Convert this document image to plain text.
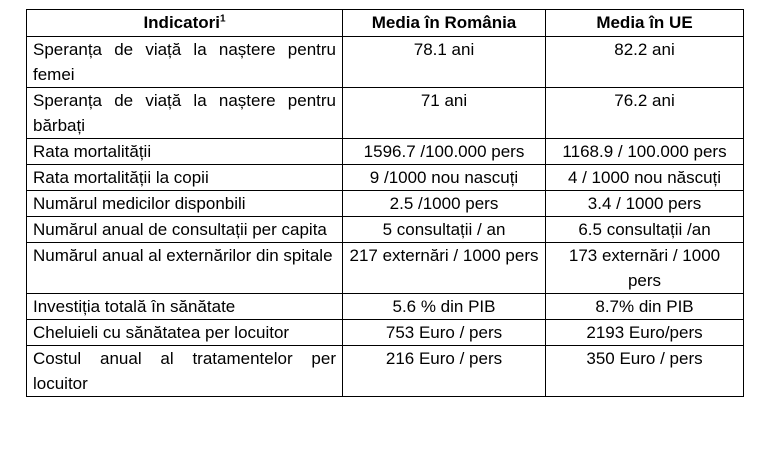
Indicatori$^1$	Media în România	Media în UE
Speranța de viață la naștere pentru femei	78.1 ani	82.2 ani
Speranța de viață la naștere pentru bărbați	71 ani	76.2 ani
Rata mortalității	1596.7 /100.000 pers	1168.9 / 100.000 pers
Rata mortalității la copii	9 /1000 nou nascuți	4 / 1000 nou născuți
Numărul medicilor disponbili	2.5 /1000 pers	3.4 / 1000 pers
Numărul anual de consultații per capita	5 consultații / an	6.5 consultații /an
Numărul anual al externărilor din spitale	217 externări / 1000 pers	173 externări / 1000 pers
Investiția totală în sănătate	5.6 % din PIB	8.7% din PIB
Cheluieli cu sănătatea per locuitor	753 Euro / pers	2193 Euro/pers
Costul anual al tratamentelor per locuitor	216 Euro / pers	350 Euro / pers
